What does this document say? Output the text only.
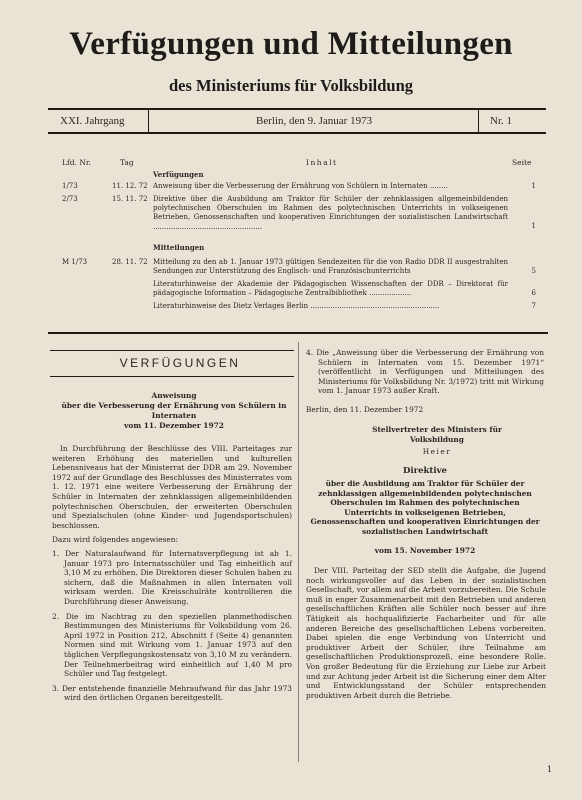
Verfügungen und Mitteilungen
des Ministeriums für Volksbildung
XXI. Jahrgang	Berlin, den 9. Januar 1973	Nr. 1
Lfd. Nr.	Tag	Inhalt	Seite
Verfügungen
1/73	11. 12. 72 Anweisung über die Verbesserung der Ernährung von Schülern in Internaten ........	1
2/73	15. 11. 72 Direktive über die Ausbildung am Traktor für Schüler der zehnklassigen allgemeinbildenden polytechnischen Oberschulen im Rahmen des polytechnischen Unterrichts in volkseigenen Betrieben, Genossenschaften und kooperativen Einrichtungen der sozialistischen Landwirtschaft .................................................	1
Mitteilungen
M 1/73	28. 11. 72 Mitteilung zu den ab 1. Januar 1973 gültigen Sendezeiten für die von Radio DDR II ausgestrahlten Sendungen zur Unterstützung des Englisch- und Französischunterrichts	5
Literaturhinweise der Akademie der Pädagogischen Wissenschaften der DDR – Direktorat für pädagogische Information – Pädagogische Zentralbibliothek ...................	6
Literaturhinweise des Dietz Verlages Berlin ..........................................................	7
VERFÜGUNGEN
Anweisung
über die Verbesserung der Ernährung von Schülern in Internaten
vom 11. Dezember 1972
In Durchführung der Beschlüsse des VIII. Parteitages zur weiteren Erhöhung des materiellen und kulturellen Lebensniveaus hat der Ministerrat der DDR am 29. November 1972 auf der Grundlage des Beschlusses des Ministerrates vom 1. 12. 1971 eine weitere Verbesserung der Ernährung der Schüler in Internaten der zehnklassigen allgemeinbildenden polytechnischen Oberschulen, der erweiterten Oberschulen und Spezialschulen (ohne Kinder- und Jugendsportschulen) beschlossen.
Dazu wird folgendes angewiesen:

1. Der Naturalaufwand für Internatsverpflegung ist ab 1. Januar 1973 pro Internatsschüler und Tag einheitlich auf 3,10 M zu erhöhen. Die Direktoren dieser Schulen haben zu sichern, daß die Maßnahmen in allen Internaten voll wirksam werden. Die Kreisschulräte kontrollieren die Durchführung dieser Anweisung.

2. Die im Nachtrag zu den speziellen planmethodischen Bestimmungen des Ministeriums für Volksbildung vom 26. April 1972 in Position 212, Abschnitt f (Seite 4) genannten Normen sind mit Wirkung vom 1. Januar 1973 auf den täglichen Verpflegungskostensatz von 3,10 M zu verändern. Der Teilnehmerbeitrag wird einheitlich auf 1,40 M pro Schüler und Tag festgelegt.

3. Der entstehende finanzielle Mehraufwand für das Jahr 1973 wird den örtlichen Organen bereitgestellt.

4. Die „Anweisung über die Verbesserung der Ernährung von Schülern in Internaten vom 15. Dezember 1971“ (veröffentlicht in Verfügungen und Mitteilungen des Ministeriums für Volksbildung Nr. 3/1972) tritt mit Wirkung vom 1. Januar 1973 außer Kraft.

Berlin, den 11. Dezember 1972
Stellvertreter des Ministers für Volksbildung
Heier
Direktive
über die Ausbildung am Traktor für Schüler der zehnklassigen allgemeinbildenden polytechnischen Oberschulen im Rahmen des polytechnischen Unterrichts in volkseigenen Betrieben, Genossenschaften und kooperativen Einrichtungen der sozialistischen Landwirtschaft
vom 15. November 1972
Der VIII. Parteitag der SED stellt die Aufgabe, die Jugend noch wirkungsvoller auf das Leben in der sozialistischen Gesellschaft, vor allem auf die Arbeit vorzubereiten. Die Schule muß in enger Zusammenarbeit mit den Betrieben und anderen gesellschaftlichen Kräften alle Schüler noch besser auf ihre Tätigkeit als hochqualifizierte Facharbeiter und für alle anderen Bereiche des gesellschaftlichen Lebens vorbereiten. Dabei spielen die enge Verbindung von Unterricht und produktiver Arbeit der Schüler, ihre Teilnahme am gesellschaftlichen Produktionsprozeß, eine besondere Rolle. Von großer Bedeutung für die Erziehung zur Liebe zur Arbeit und zur Achtung jeder Arbeit ist die Sicherung einer dem Alter und Entwicklungsstand der Schüler entsprechenden produktiven Arbeit durch die Betriebe.
1
